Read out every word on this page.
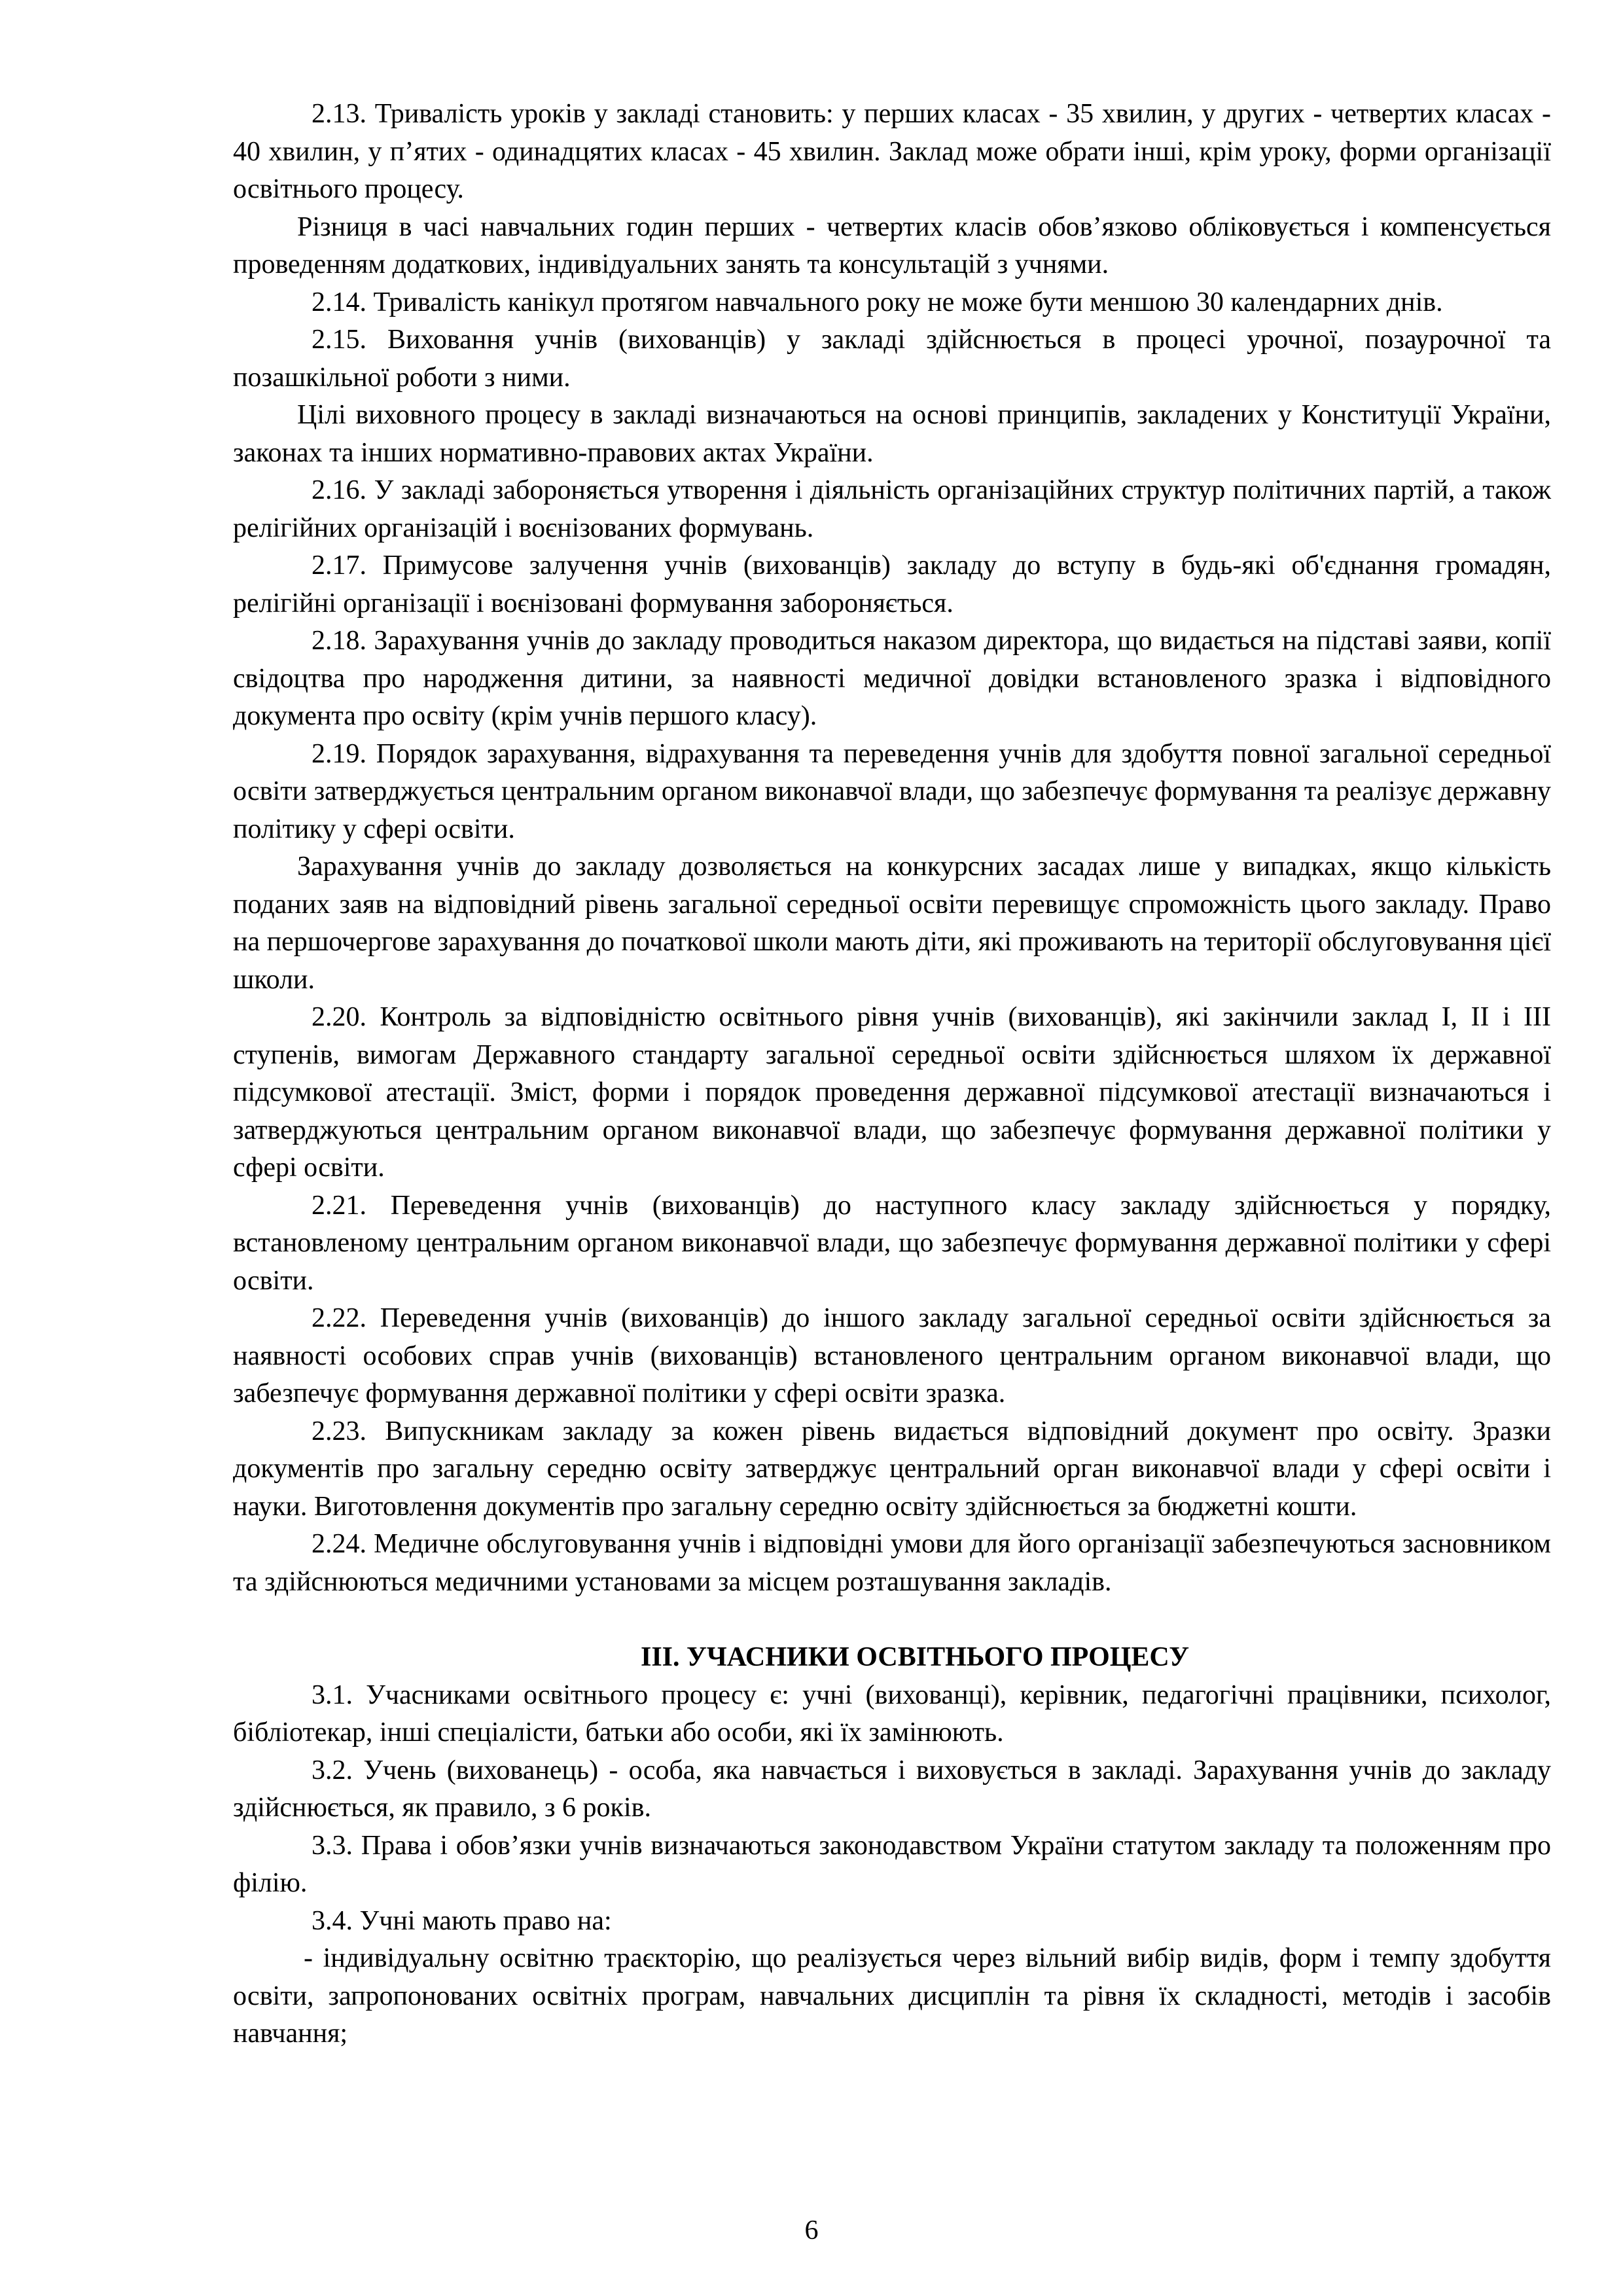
2.13. Тривалість уроків у закладі становить: у перших класах - 35 хвилин, у других - четвертих класах - 40 хвилин, у п’ятих - одинадцятих класах - 45 хвилин. Заклад може обрати інші, крім уроку, форми організації освітнього процесу.

Різниця в часі навчальних годин перших - четвертих класів обов’язково обліковується і компенсується проведенням додаткових, індивідуальних занять та консультацій з учнями.

2.14. Тривалість канікул протягом навчального року не може бути меншою 30 календарних днів.

2.15. Виховання учнів (вихованців) у закладі здійснюється в процесі урочної, позаурочної та позашкільної роботи з ними.

Цілі виховного процесу в закладі визначаються на основі принципів, закладених у Конституції України, законах та інших нормативно-правових актах України.

2.16. У закладі забороняється утворення і діяльність організаційних структур політичних партій, а також релігійних організацій і воєнізованих формувань.

2.17. Примусове залучення учнів (вихованців) закладу до вступу в будь-які об'єднання громадян, релігійні організації і воєнізовані формування забороняється.

2.18. Зарахування учнів до закладу проводиться наказом директора, що видається на підставі заяви, копії свідоцтва про народження дитини, за наявності медичної довідки встановленого зразка і відповідного документа про освіту (крім учнів першого класу).

2.19. Порядок зарахування, відрахування та переведення учнів для здобуття повної загальної середньої освіти затверджується центральним органом виконавчої влади, що забезпечує формування та реалізує державну політику у сфері освіти.

Зарахування учнів до закладу дозволяється на конкурсних засадах лише у випадках, якщо кількість поданих заяв на відповідний рівень загальної середньої освіти перевищує спроможність цього закладу. Право на першочергове зарахування до початкової школи мають діти, які проживають на території обслуговування цієї школи.

2.20. Контроль за відповідністю освітнього рівня учнів (вихованців), які закінчили заклад І, ІІ і ІІІ ступенів, вимогам Державного стандарту загальної середньої освіти здійснюється шляхом їх державної підсумкової атестації. Зміст, форми і порядок проведення державної підсумкової атестації визначаються і затверджуються центральним органом виконавчої влади, що забезпечує формування державної політики у сфері освіти.

2.21. Переведення учнів (вихованців) до наступного класу закладу здійснюється у порядку, встановленому центральним органом виконавчої влади, що забезпечує формування державної політики у сфері освіти.

2.22. Переведення учнів (вихованців) до іншого закладу загальної середньої освіти здійснюється за наявності особових справ учнів (вихованців) встановленого центральним органом виконавчої влади, що забезпечує формування державної політики у сфері освіти зразка.

2.23. Випускникам закладу за кожен рівень видається відповідний документ про освіту. Зразки документів про загальну середню освіту затверджує центральний орган виконавчої влади у сфері освіти і науки. Виготовлення документів про загальну середню освіту здійснюється за бюджетні кошти.

2.24. Медичне обслуговування учнів і відповідні умови для його організації забезпечуються засновником та здійснюються медичними установами за місцем розташування закладів.

ІІІ. УЧАСНИКИ ОСВІТНЬОГО ПРОЦЕСУ

3.1. Учасниками освітнього процесу є: учні (вихованці), керівник, педагогічні працівники, психолог, бібліотекар, інші спеціалісти, батьки або особи, які їх замінюють.

3.2. Учень (вихованець) - особа, яка навчається і виховується в закладі. Зарахування учнів до закладу здійснюється, як правило, з 6 років.

3.3. Права і обов’язки учнів визначаються законодавством України статутом закладу та положенням про філію.

3.4. Учні мають право на:

- індивідуальну освітню траєкторію, що реалізується через вільний вибір видів, форм і темпу здобуття освіти, запропонованих освітніх програм, навчальних дисциплін та рівня їх складності, методів і засобів навчання;

6
